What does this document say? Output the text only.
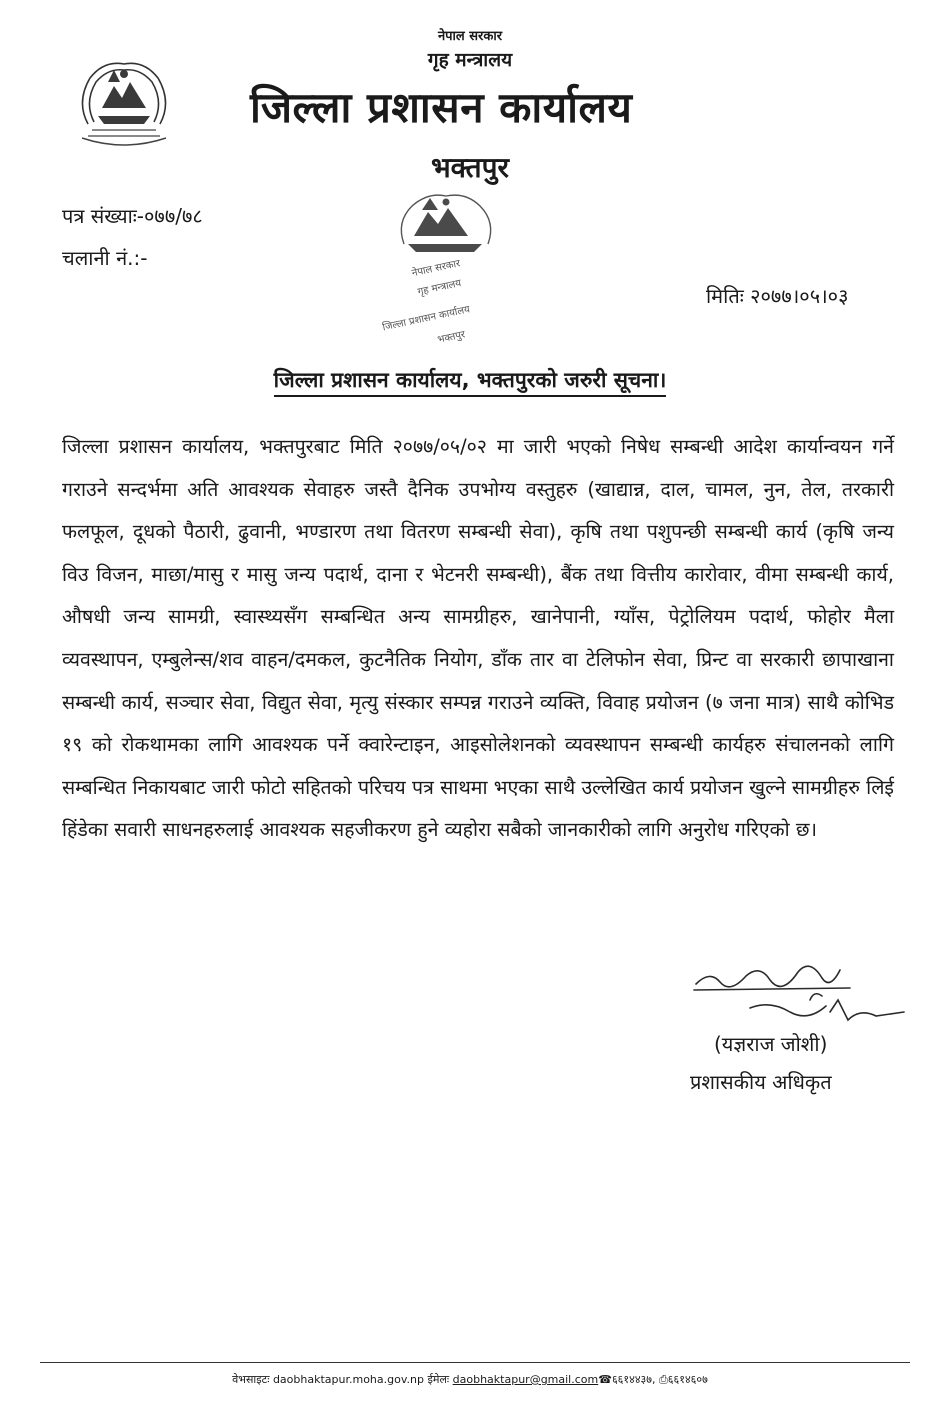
नेपाल सरकार
गृह मन्त्रालय
जिल्ला प्रशासन कार्यालय
भक्तपुर
नेपाल सरकार
गृह मन्त्रालय
जिल्ला प्रशासन कार्यालय
भक्तपुर
पत्र संख्याः-०७७/७८
चलानी नं.:-
मितिः २०७७।०५।०३
जिल्ला प्रशासन कार्यालय, भक्तपुरको जरुरी सूचना।
जिल्ला प्रशासन कार्यालय, भक्तपुरबाट मिति २०७७/०५/०२ मा जारी भएको निषेध सम्बन्धी आदेश कार्यान्वयन गर्ने गराउने सन्दर्भमा अति आवश्यक सेवाहरु जस्तै दैनिक उपभोग्य वस्तुहरु (खाद्यान्न, दाल, चामल, नुन, तेल, तरकारी फलफूल, दूधको पैठारी, ढुवानी, भण्डारण तथा वितरण सम्बन्धी सेवा), कृषि तथा पशुपन्छी सम्बन्धी कार्य (कृषि जन्य विउ विजन, माछा/मासु र मासु जन्य पदार्थ, दाना र भेटनरी सम्बन्धी), बैंक तथा वित्तीय कारोवार, वीमा सम्बन्धी कार्य, औषधी जन्य सामग्री, स्वास्थ्यसँग सम्बन्धित अन्य सामग्रीहरु, खानेपानी, ग्याँस, पेट्रोलियम पदार्थ, फोहोर मैला व्यवस्थापन, एम्बुलेन्स/शव वाहन/दमकल, कुटनैतिक नियोग, डाँक तार वा टेलिफोन सेवा, प्रिन्ट वा सरकारी छापाखाना सम्बन्धी कार्य, सञ्चार सेवा, विद्युत सेवा, मृत्यु संस्कार सम्पन्न गराउने व्यक्ति, विवाह प्रयोजन (७ जना मात्र) साथै कोभिड १९ को रोकथामका लागि आवश्यक पर्ने क्वारेन्टाइन, आइसोलेशनको व्यवस्थापन सम्बन्धी कार्यहरु संचालनको लागि सम्बन्धित निकायबाट जारी फोटो सहितको परिचय पत्र साथमा भएका साथै उल्लेखित कार्य प्रयोजन खुल्ने सामग्रीहरु लिई हिंडेका सवारी साधनहरुलाई आवश्यक सहजीकरण हुने व्यहोरा सबैको जानकारीको लागि अनुरोध गरिएको छ।
(यज्ञराज जोशी)
प्रशासकीय अधिकृत
वेभसाइटः daobhaktapur.moha.gov.np ईमेलः daobhaktapur@gmail.com☎६६१४४३७, ⎙६६१४६०७
